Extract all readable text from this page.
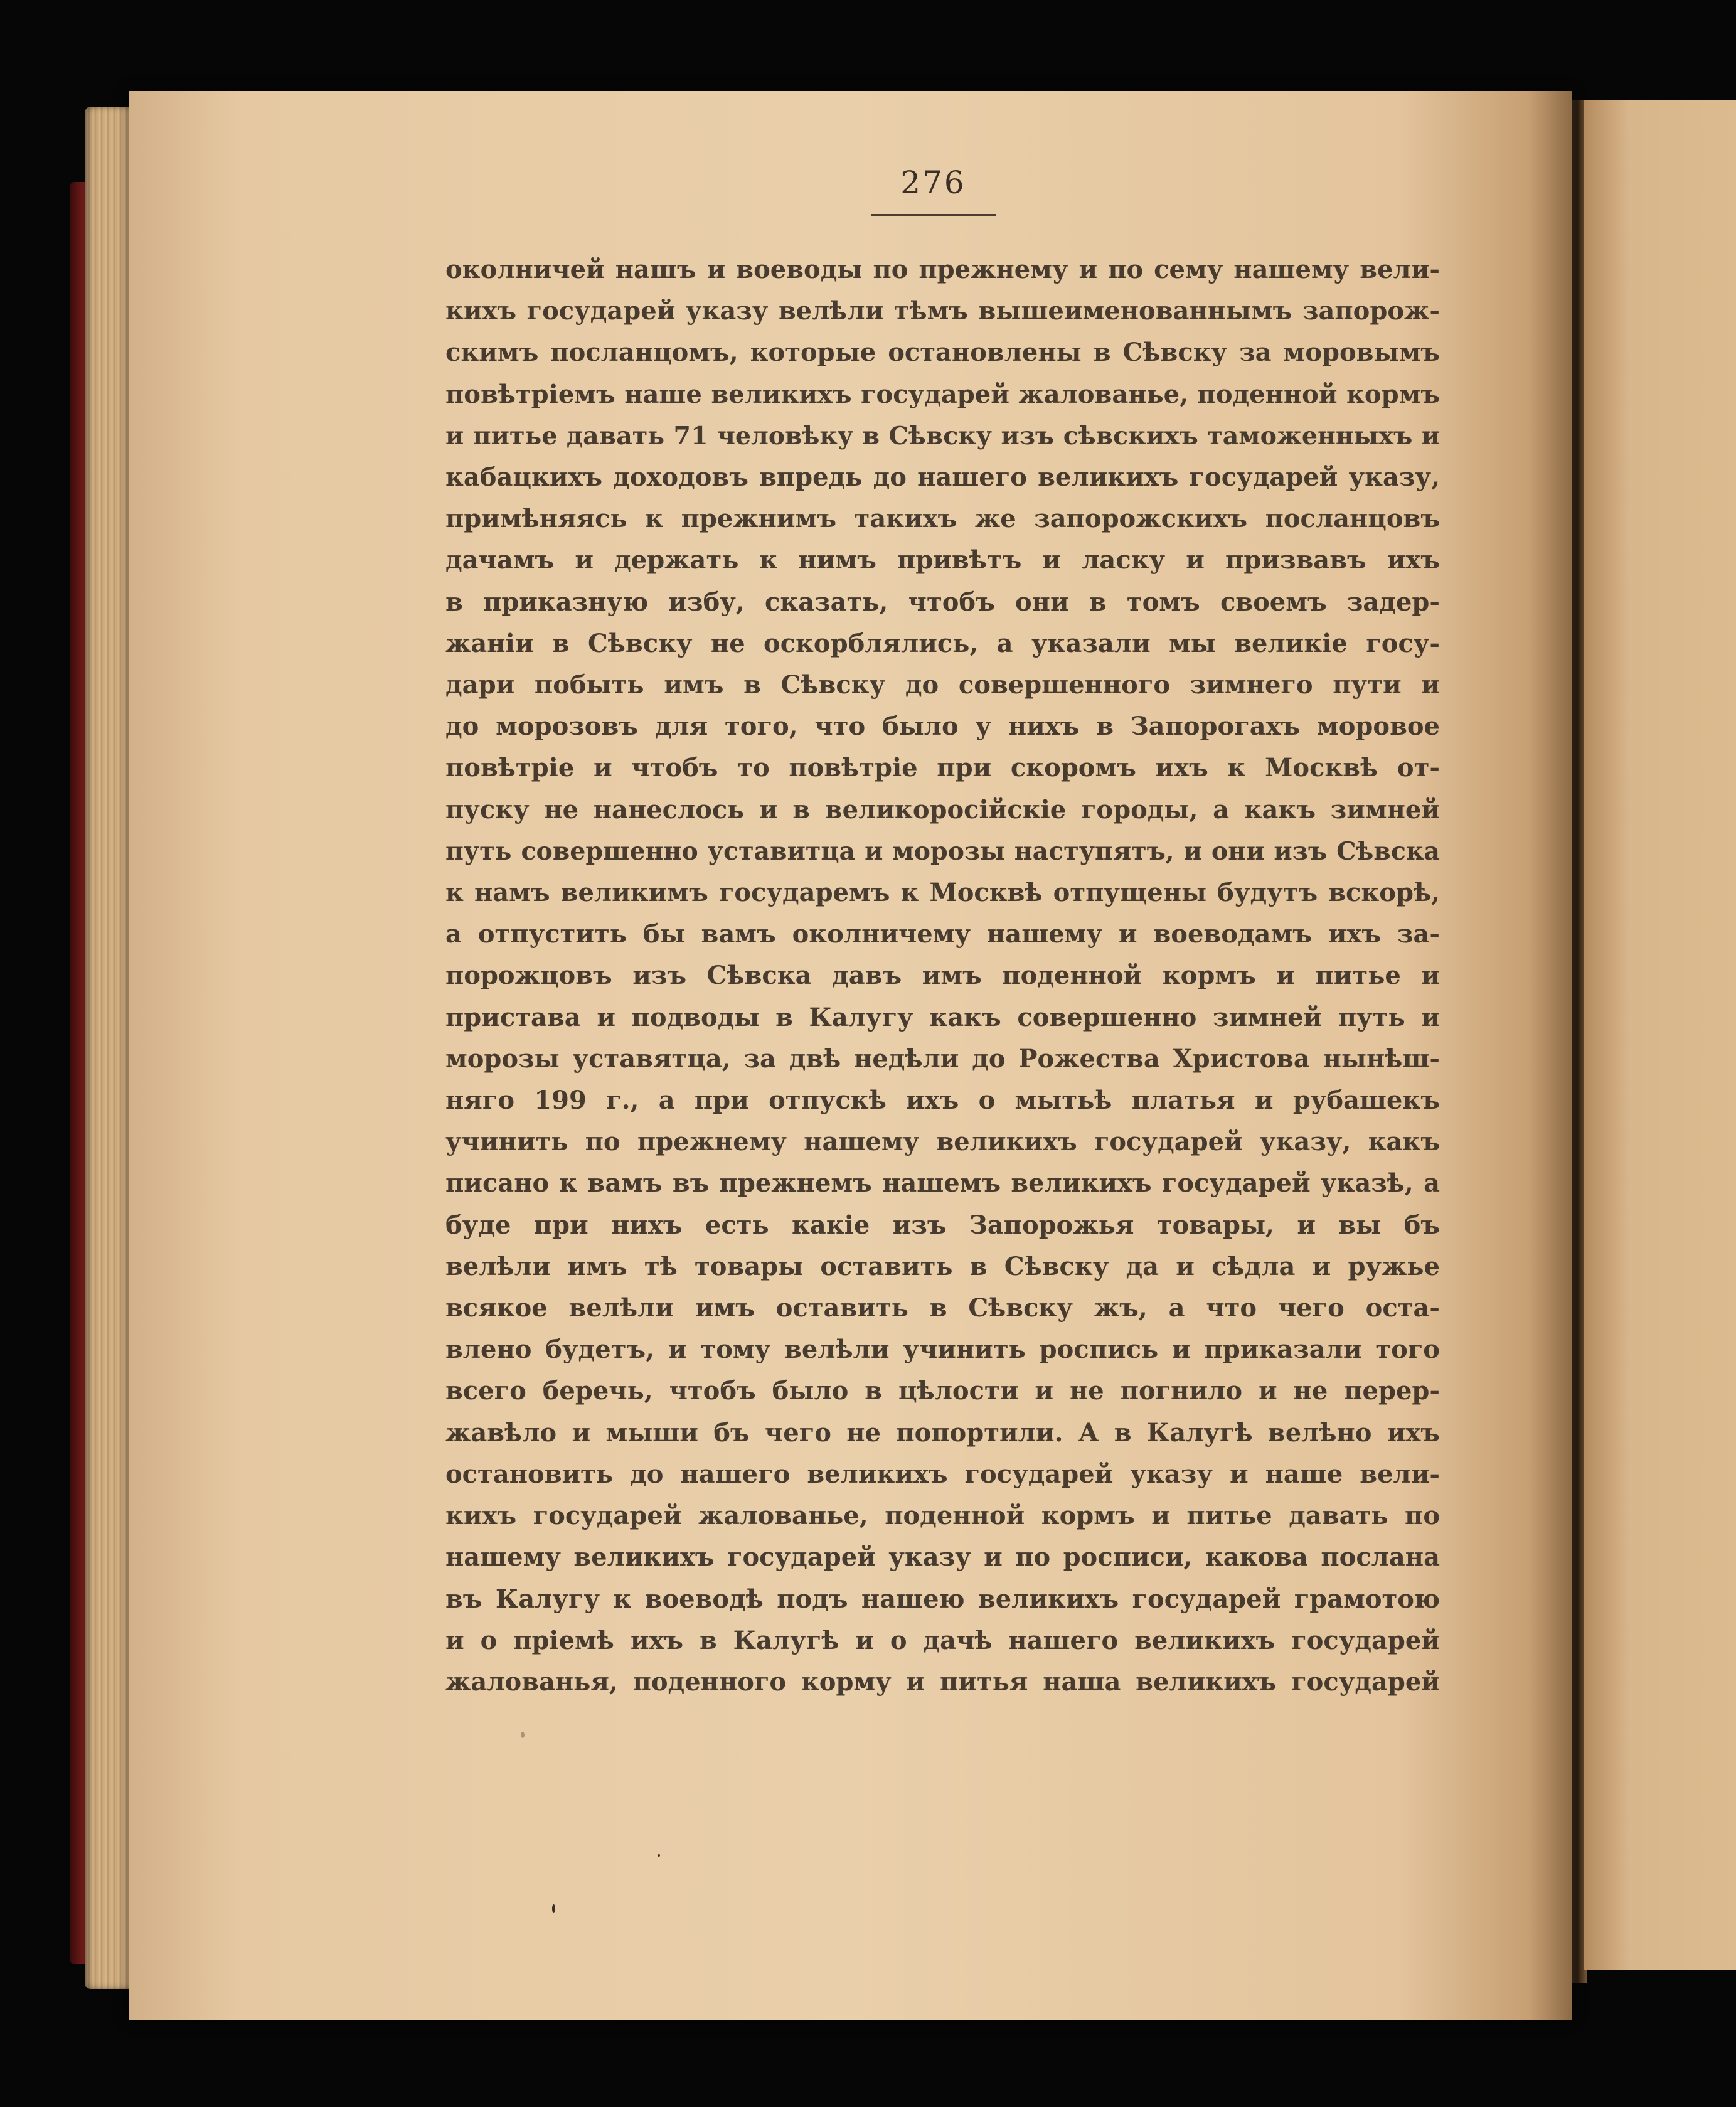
276
околничей нашъ и воеводы по прежнему и по сему нашему вели-
кихъ государей указу велѣли тѣмъ вышеименованнымъ запорож-
скимъ посланцомъ, которые остановлены в Сѣвску за моровымъ
повѣтріемъ наше великихъ государей жалованье, поденной кормъ
и питье давать 71 человѣку в Сѣвску изъ сѣвскихъ таможенныхъ и
кабацкихъ доходовъ впредь до нашего великихъ государей указу,
примѣняясь к прежнимъ такихъ же запорожскихъ посланцовъ
дачамъ и держать к нимъ привѣтъ и ласку и призвавъ ихъ
в приказную избу, сказать, чтобъ они в томъ своемъ задер-
жаніи в Сѣвску не оскорблялись, а указали мы великіе госу-
дари побыть имъ в Сѣвску до совершенного зимнего пути и
до морозовъ для того, что было у нихъ в Запорогахъ моровое
повѣтріе и чтобъ то повѣтріе при скоромъ ихъ к Москвѣ от-
пуску не нанеслось и в великоросійскіе городы, а какъ зимней
путь совершенно уставитца и морозы наступятъ, и они изъ Сѣвска
к намъ великимъ государемъ к Москвѣ отпущены будутъ вскорѣ,
а отпустить бы вамъ околничему нашему и воеводамъ ихъ за-
порожцовъ изъ Сѣвска давъ имъ поденной кормъ и питье и
пристава и подводы в Калугу какъ совершенно зимней путь и
морозы уставятца, за двѣ недѣли до Рожества Христова нынѣш-
няго 199 г., а при отпускѣ ихъ о мытьѣ платья и рубашекъ
учинить по прежнему нашему великихъ государей указу, какъ
писано к вамъ въ прежнемъ нашемъ великихъ государей указѣ, а
буде при нихъ есть какіе изъ Запорожья товары, и вы бъ
велѣли имъ тѣ товары оставить в Сѣвску да и сѣдла и ружье
всякое велѣли имъ оставить в Сѣвску жъ, а что чего оста-
влено будетъ, и тому велѣли учинить роспись и приказали того
всего беречь, чтобъ было в цѣлости и не погнило и не перер-
жавѣло и мыши бъ чего не попортили. А в Калугѣ велѣно ихъ
остановить до нашего великихъ государей указу и наше вели-
кихъ государей жалованье, поденной кормъ и питье давать по
нашему великихъ государей указу и по росписи, какова послана
въ Калугу к воеводѣ подъ нашею великихъ государей грамотою
и о пріемѣ ихъ в Калугѣ и о дачѣ нашего великихъ государей
жалованья, поденного корму и питья наша великихъ государей
